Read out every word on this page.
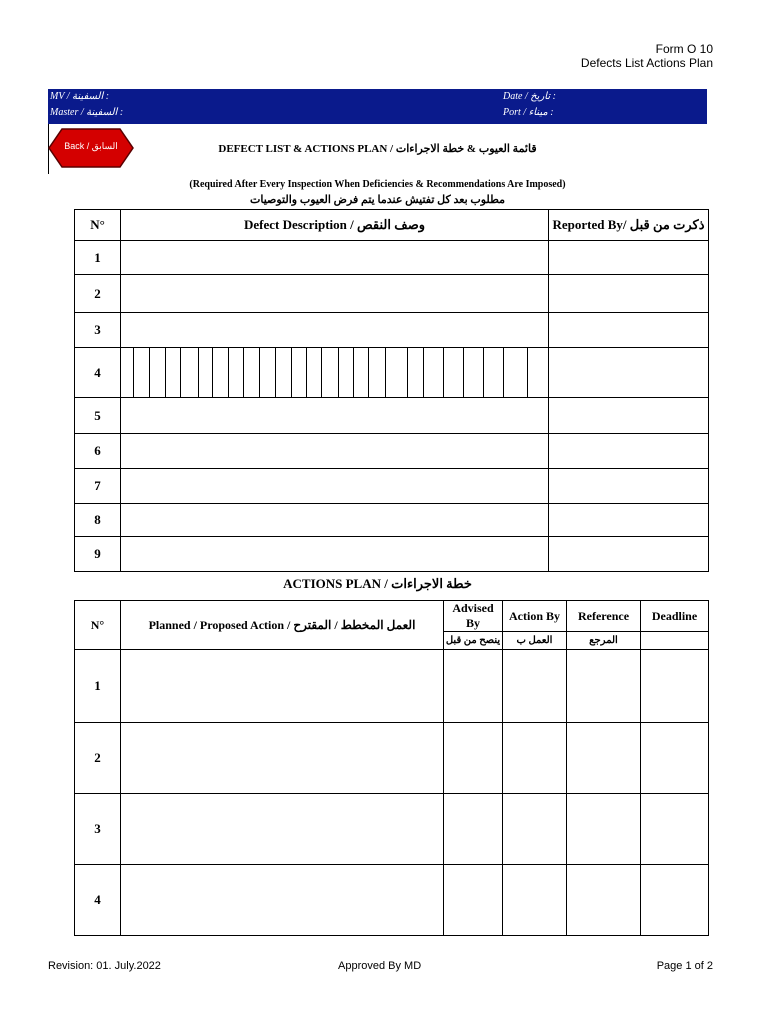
Form O 10
Defects List Actions Plan
MV / السفينة :
Master / السفينة :
Date / تاريخ :
Port / ميناء :
Back / السابق	DEFECT LIST & ACTIONS PLAN / قائمة العيوب & خطة الاجراءات
(Required After Every Inspection When Deficiencies & Recommendations Are Imposed)
مطلوب بعد كل تفتيش عندما يتم فرض العيوب والتوصيات
N°	Defect Description / وصف النقص	Reported By/ ذكرت من قبل
1		
2		
3		
4	

5		
6		
7		
8		
9		
ACTIONS PLAN / خطة الاجراءات
N°	Planned / Proposed Action / العمل المخطط / المقترح	Advised By	Action By	Reference	Deadline
		ينصح من قبل	العمل ب	المرجع	
1					
2					
3					
4					
Revision: 01. July.2022	Approved By MD	Page 1 of 2
